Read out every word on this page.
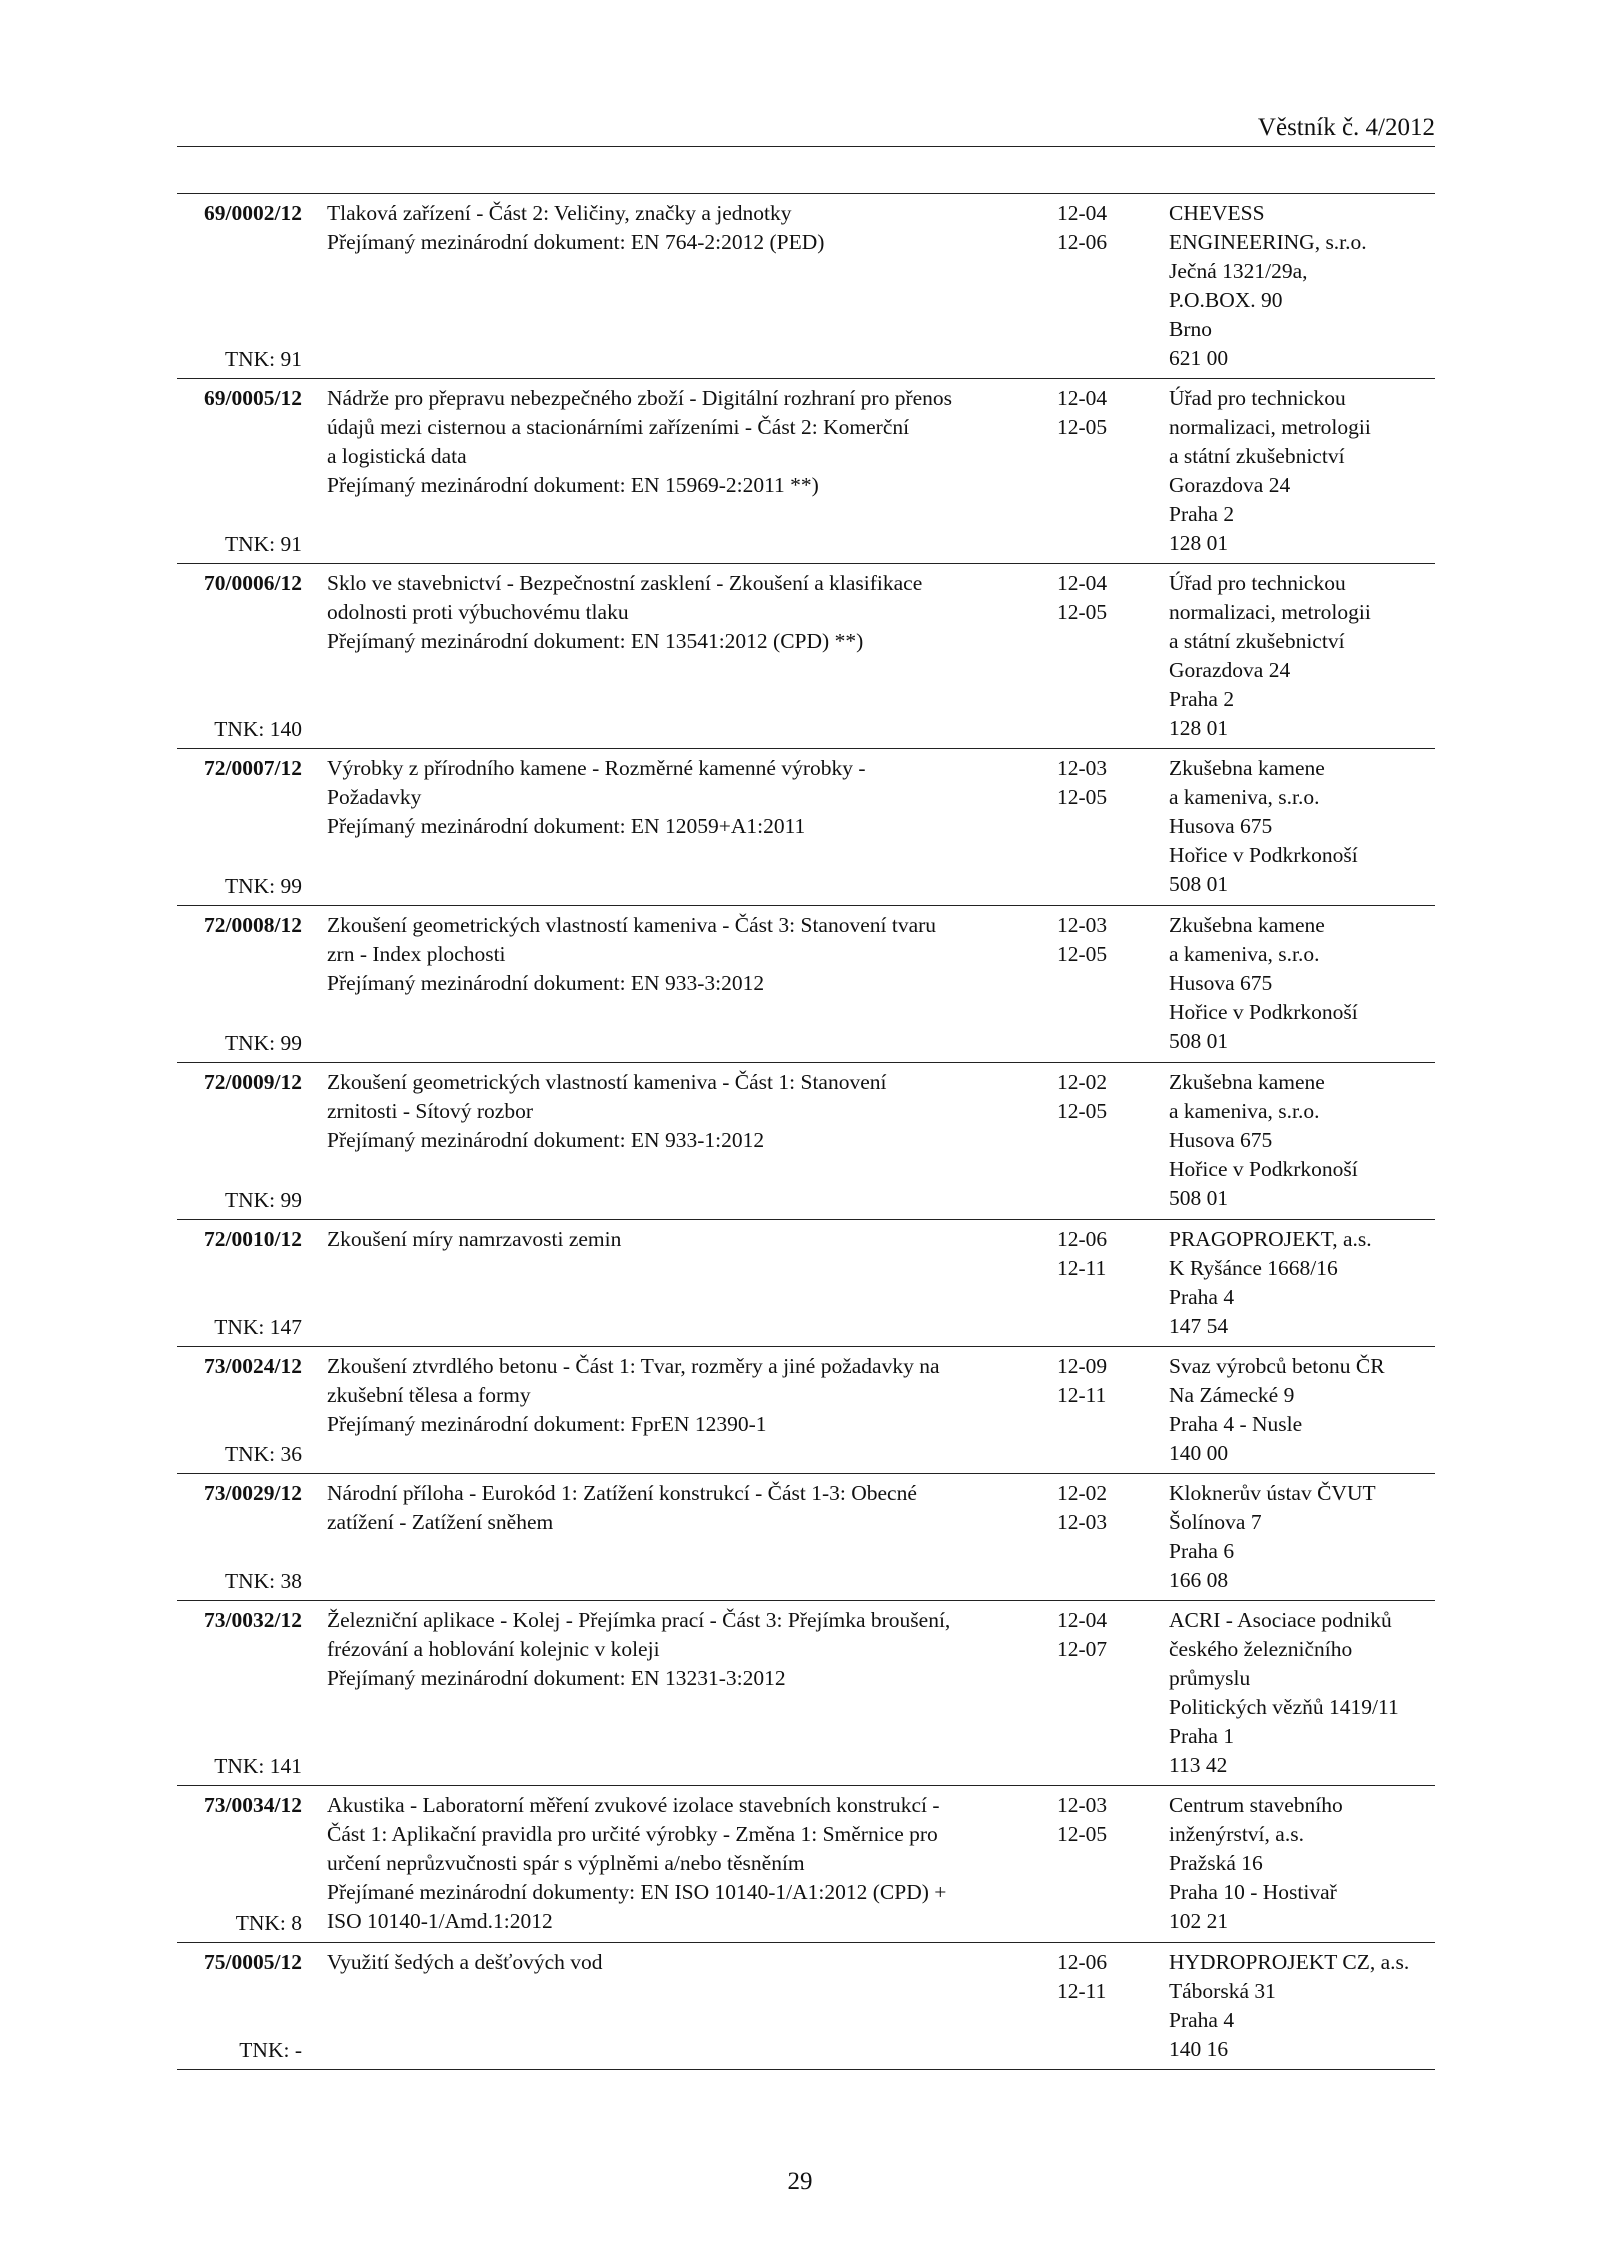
Věstník č. 4/2012
69/0002/12
TNK: 91
Tlaková zařízení - Část 2: Veličiny, značky a jednotky
Přejímaný mezinárodní dokument: EN 764-2:2012 (PED)
12-04
12-06
CHEVESS
ENGINEERING, s.r.o.
Ječná 1321/29a,
P.O.BOX. 90
Brno
621 00
69/0005/12
TNK: 91
Nádrže pro přepravu nebezpečného zboží - Digitální rozhraní pro přenos
údajů mezi cisternou a stacionárními zařízeními - Část 2: Komerční
a logistická data
Přejímaný mezinárodní dokument: EN 15969-2:2011 **)
12-04
12-05
Úřad pro technickou
normalizaci, metrologii
a státní zkušebnictví
Gorazdova 24
Praha 2
128 01
70/0006/12
TNK: 140
Sklo ve stavebnictví - Bezpečnostní zasklení - Zkoušení a klasifikace
odolnosti proti výbuchovému tlaku
Přejímaný mezinárodní dokument: EN 13541:2012 (CPD) **)
12-04
12-05
Úřad pro technickou
normalizaci, metrologii
a státní zkušebnictví
Gorazdova 24
Praha 2
128 01
72/0007/12
TNK: 99
Výrobky z přírodního kamene - Rozměrné kamenné výrobky -
Požadavky
Přejímaný mezinárodní dokument: EN 12059+A1:2011
12-03
12-05
Zkušebna kamene
a kameniva, s.r.o.
Husova 675
Hořice v Podkrkonoší
508 01
72/0008/12
TNK: 99
Zkoušení geometrických vlastností kameniva - Část 3: Stanovení tvaru
zrn - Index plochosti
Přejímaný mezinárodní dokument: EN 933-3:2012
12-03
12-05
Zkušebna kamene
a kameniva, s.r.o.
Husova 675
Hořice v Podkrkonoší
508 01
72/0009/12
TNK: 99
Zkoušení geometrických vlastností kameniva - Část 1: Stanovení
zrnitosti - Sítový rozbor
Přejímaný mezinárodní dokument: EN 933-1:2012
12-02
12-05
Zkušebna kamene
a kameniva, s.r.o.
Husova 675
Hořice v Podkrkonoší
508 01
72/0010/12
TNK: 147
Zkoušení míry namrzavosti zemin	12-06
12-11
PRAGOPROJEKT, a.s.
K Ryšánce 1668/16
Praha 4
147 54
73/0024/12
TNK: 36
Zkoušení ztvrdlého betonu - Část 1: Tvar, rozměry a jiné požadavky na
zkušební tělesa a formy
Přejímaný mezinárodní dokument: FprEN 12390-1
12-09
12-11
Svaz výrobců betonu ČR
Na Zámecké 9
Praha 4 - Nusle
140 00
73/0029/12
TNK: 38
Národní příloha - Eurokód 1: Zatížení konstrukcí - Část 1-3: Obecné
zatížení - Zatížení sněhem
12-02
12-03
Kloknerův ústav ČVUT
Šolínova 7
Praha 6
166 08
73/0032/12
TNK: 141
Železniční aplikace - Kolej - Přejímka prací - Část 3: Přejímka broušení,
frézování a hoblování kolejnic v koleji
Přejímaný mezinárodní dokument: EN 13231-3:2012
12-04
12-07
ACRI - Asociace podniků
českého železničního
průmyslu
Politických vězňů 1419/11
Praha 1
113 42
73/0034/12
TNK: 8
Akustika - Laboratorní měření zvukové izolace stavebních konstrukcí -
Část 1: Aplikační pravidla pro určité výrobky - Změna 1: Směrnice pro
určení neprůzvučnosti spár s výplněmi a/nebo těsněním
Přejímané mezinárodní dokumenty: EN ISO 10140-1/A1:2012 (CPD) +
ISO 10140-1/Amd.1:2012
12-03
12-05
Centrum stavebního
inženýrství, a.s.
Pražská 16
Praha 10 - Hostivař
102 21
75/0005/12
TNK: -
Využití šedých a dešťových vod	12-06
12-11
HYDROPROJEKT CZ, a.s.
Táborská 31
Praha 4
140 16
29
